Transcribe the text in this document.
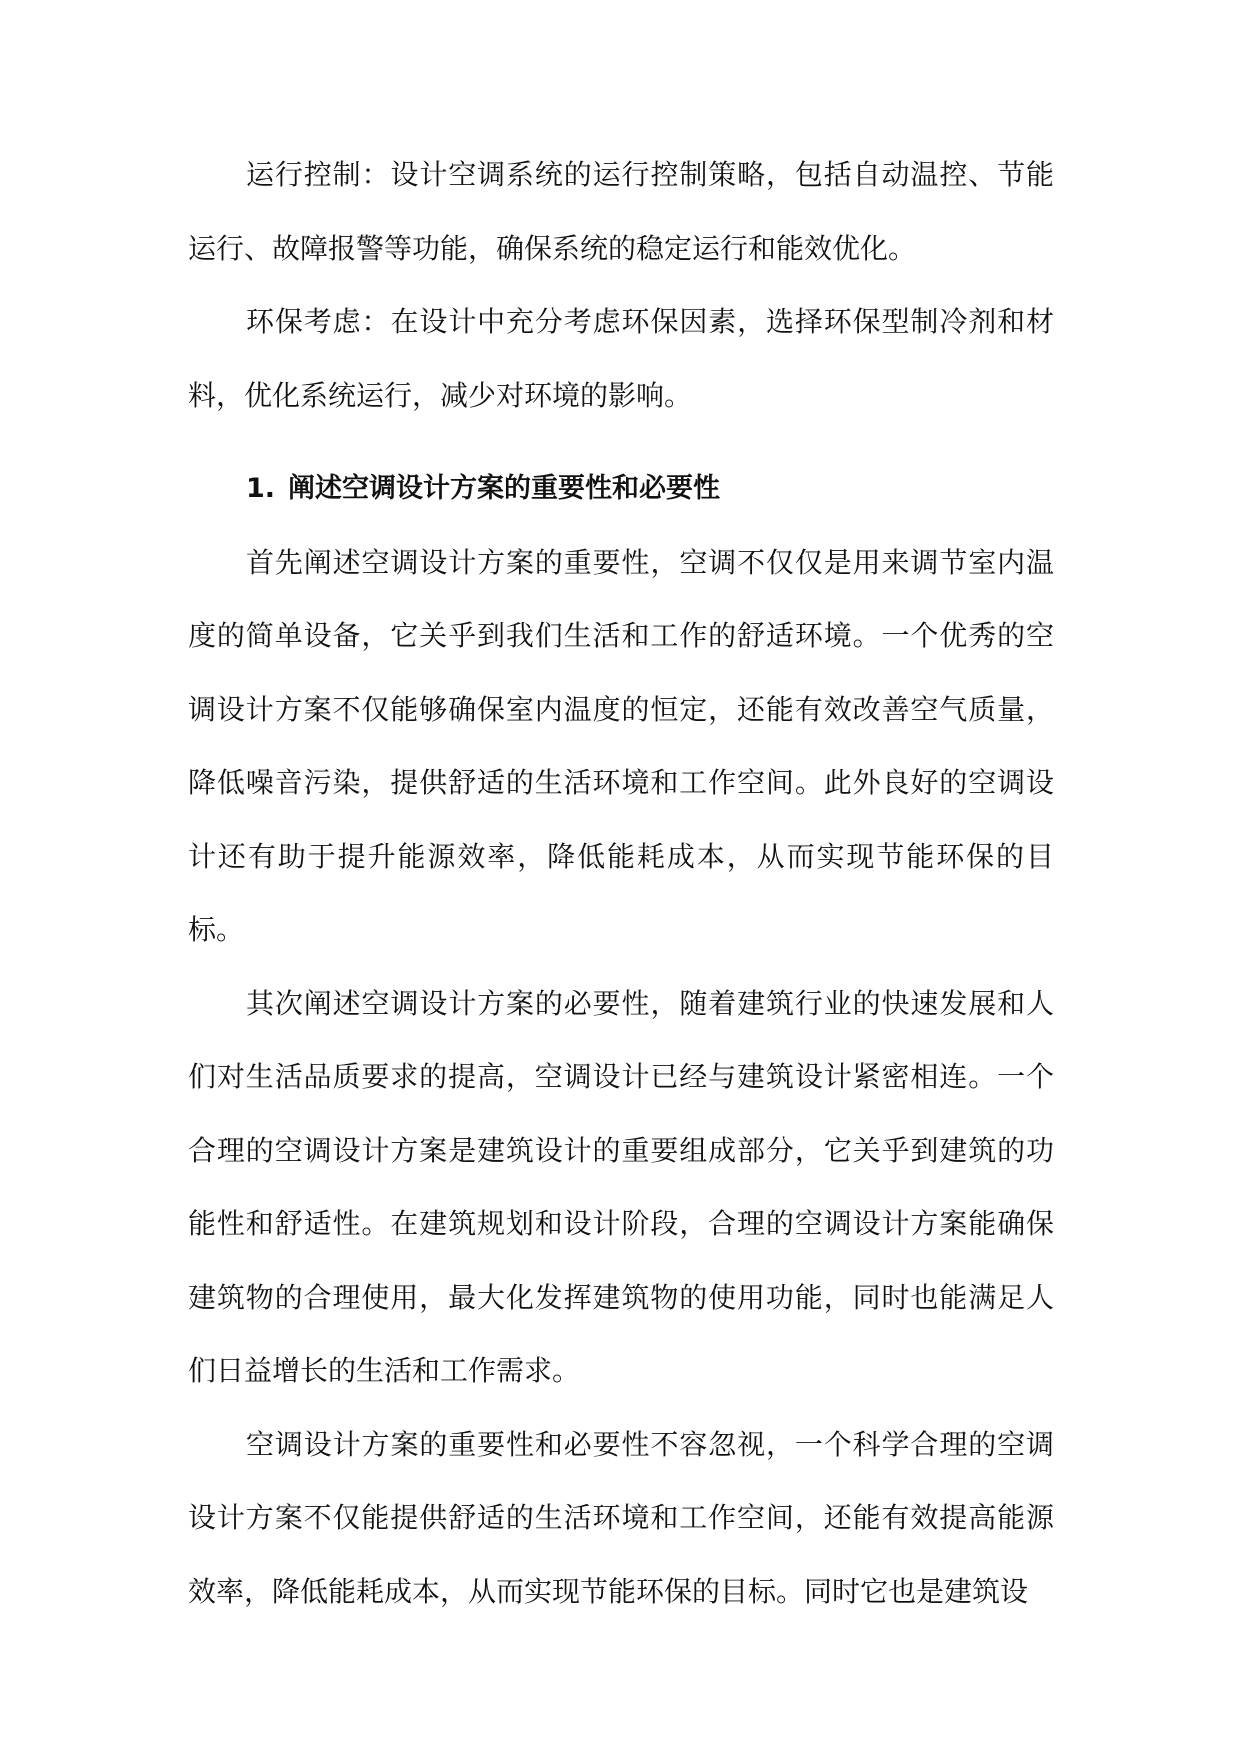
运行控制：设计空调系统的运行控制策略，包括自动温控、节能运行、故障报警等功能，确保系统的稳定运行和能效优化。

环保考虑：在设计中充分考虑环保因素，选择环保型制冷剂和材料，优化系统运行，减少对环境的影响。

1. 阐述空调设计方案的重要性和必要性

首先阐述空调设计方案的重要性，空调不仅仅是用来调节室内温度的简单设备，它关乎到我们生活和工作的舒适环境。一个优秀的空调设计方案不仅能够确保室内温度的恒定，还能有效改善空气质量，降低噪音污染，提供舒适的生活环境和工作空间。此外良好的空调设计还有助于提升能源效率，降低能耗成本，从而实现节能环保的目标。

其次阐述空调设计方案的必要性，随着建筑行业的快速发展和人们对生活品质要求的提高，空调设计已经与建筑设计紧密相连。一个合理的空调设计方案是建筑设计的重要组成部分，它关乎到建筑的功能性和舒适性。在建筑规划和设计阶段，合理的空调设计方案能确保建筑物的合理使用，最大化发挥建筑物的使用功能，同时也能满足人们日益增长的生活和工作需求。

空调设计方案的重要性和必要性不容忽视，一个科学合理的空调设计方案不仅能提供舒适的生活环境和工作空间，还能有效提高能源效率，降低能耗成本，从而实现节能环保的目标。同时它也是建筑设
